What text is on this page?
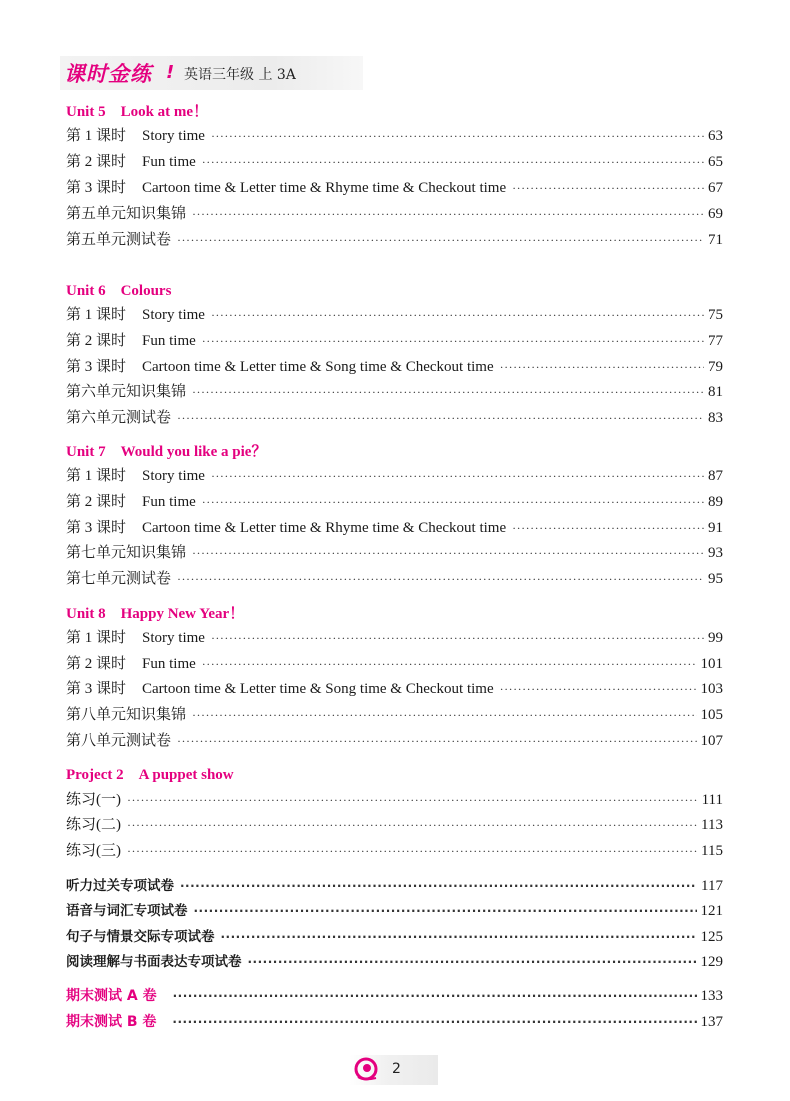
课时金练 ! 英语三年级 上 3A
Unit 5　Look at me！
第 1 课时 Story time ·····	63
第 2 课时 Fun time ·····	65
第 3 课时 Cartoon time & Letter time & Rhyme time & Checkout time ·····	67
第五单元知识集锦 ·····	69
第五单元测试卷 ·····	71
Unit 6　Colours
第 1 课时 Story time ·····	75
第 2 课时 Fun time ·····	77
第 3 课时 Cartoon time & Letter time & Song time & Checkout time ·····	79
第六单元知识集锦 ·····	81
第六单元测试卷 ·····	83
Unit 7　Would you like a pie？
第 1 课时 Story time ·····	87
第 2 课时 Fun time ·····	89
第 3 课时 Cartoon time & Letter time & Rhyme time & Checkout time ·····	91
第七单元知识集锦 ·····	93
第七单元测试卷 ·····	95
Unit 8　Happy New Year！
第 1 课时 Story time ·····	99
第 2 课时 Fun time ·····	101
第 3 课时 Cartoon time & Letter time & Song time & Checkout time ·····	103
第八单元知识集锦 ·····	105
第八单元测试卷 ·····	107
Project 2　A puppet show
练习(一) ·····	111
练习(二) ·····	113
练习(三) ·····	115
听力过关专项试卷 ·····	117
语音与词汇专项试卷 ·····	121
句子与情景交际专项试卷 ·····	125
阅读理解与书面表达专项试卷 ·····	129
期末测试 A 卷 ·····	133
期末测试 B 卷 ·····	137
2
